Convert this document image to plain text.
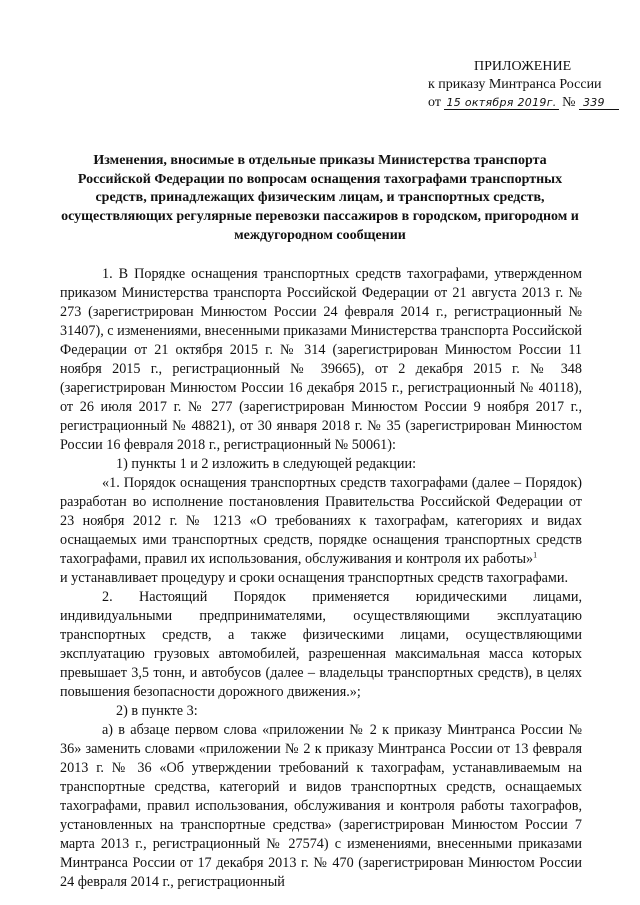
ПРИЛОЖЕНИЕ
к приказу Минтранса России
от 15 октября 2019г. № 339
Изменения, вносимые в отдельные приказы Министерства транспорта Российской Федерации по вопросам оснащения тахографами транспортных средств, принадлежащих физическим лицам, и транспортных средств, осуществляющих регулярные перевозки пассажиров в городском, пригородном и междугородном сообщении

1. В Порядке оснащения транспортных средств тахографами, утвержденном приказом Министерства транспорта Российской Федерации от 21 августа 2013 г. № 273 (зарегистрирован Минюстом России 24 февраля 2014 г., регистрационный № 31407), с изменениями, внесенными приказами Министерства транспорта Российской Федерации от 21 октября 2015 г. № 314 (зарегистрирован Минюстом России 11 ноября 2015 г., регистрационный № 39665), от 2 декабря 2015 г. № 348 (зарегистрирован Минюстом России 16 декабря 2015 г., регистрационный № 40118), от 26 июля 2017 г. № 277 (зарегистрирован Минюстом России 9 ноября 2017 г., регистрационный № 48821), от 30 января 2018 г. № 35 (зарегистрирован Минюстом России 16 февраля 2018 г., регистрационный № 50061):

1) пункты 1 и 2 изложить в следующей редакции:

«1. Порядок оснащения транспортных средств тахографами (далее – Порядок) разработан во исполнение постановления Правительства Российской Федерации от 23 ноября 2012 г. № 1213 «О требованиях к тахографам, категориях и видах оснащаемых ими транспортных средств, порядке оснащения транспортных средств тахографами, правил их использования, обслуживания и контроля их работы»$^1$

и устанавливает процедуру и сроки оснащения транспортных средств тахографами.

2. Настоящий Порядок применяется юридическими лицами, индивидуальными предпринимателями, осуществляющими эксплуатацию транспортных средств, а также физическими лицами, осуществляющими эксплуатацию грузовых автомобилей, разрешенная максимальная масса которых превышает 3,5 тонн, и автобусов (далее – владельцы транспортных средств), в целях повышения безопасности дорожного движения.»;

2) в пункте 3:

а) в абзаце первом слова «приложении № 2 к приказу Минтранса России № 36» заменить словами «приложении № 2 к приказу Минтранса России от 13 февраля 2013 г. № 36 «Об утверждении требований к тахографам, устанавливаемым на транспортные средства, категорий и видов транспортных средств, оснащаемых тахографами, правил использования, обслуживания и контроля работы тахографов, установленных на транспортные средства» (зарегистрирован Минюстом России 7 марта 2013 г., регистрационный № 27574) с изменениями, внесенными приказами Минтранса России от 17 декабря 2013 г. № 470 (зарегистрирован Минюстом России 24 февраля 2014 г., регистрационный
